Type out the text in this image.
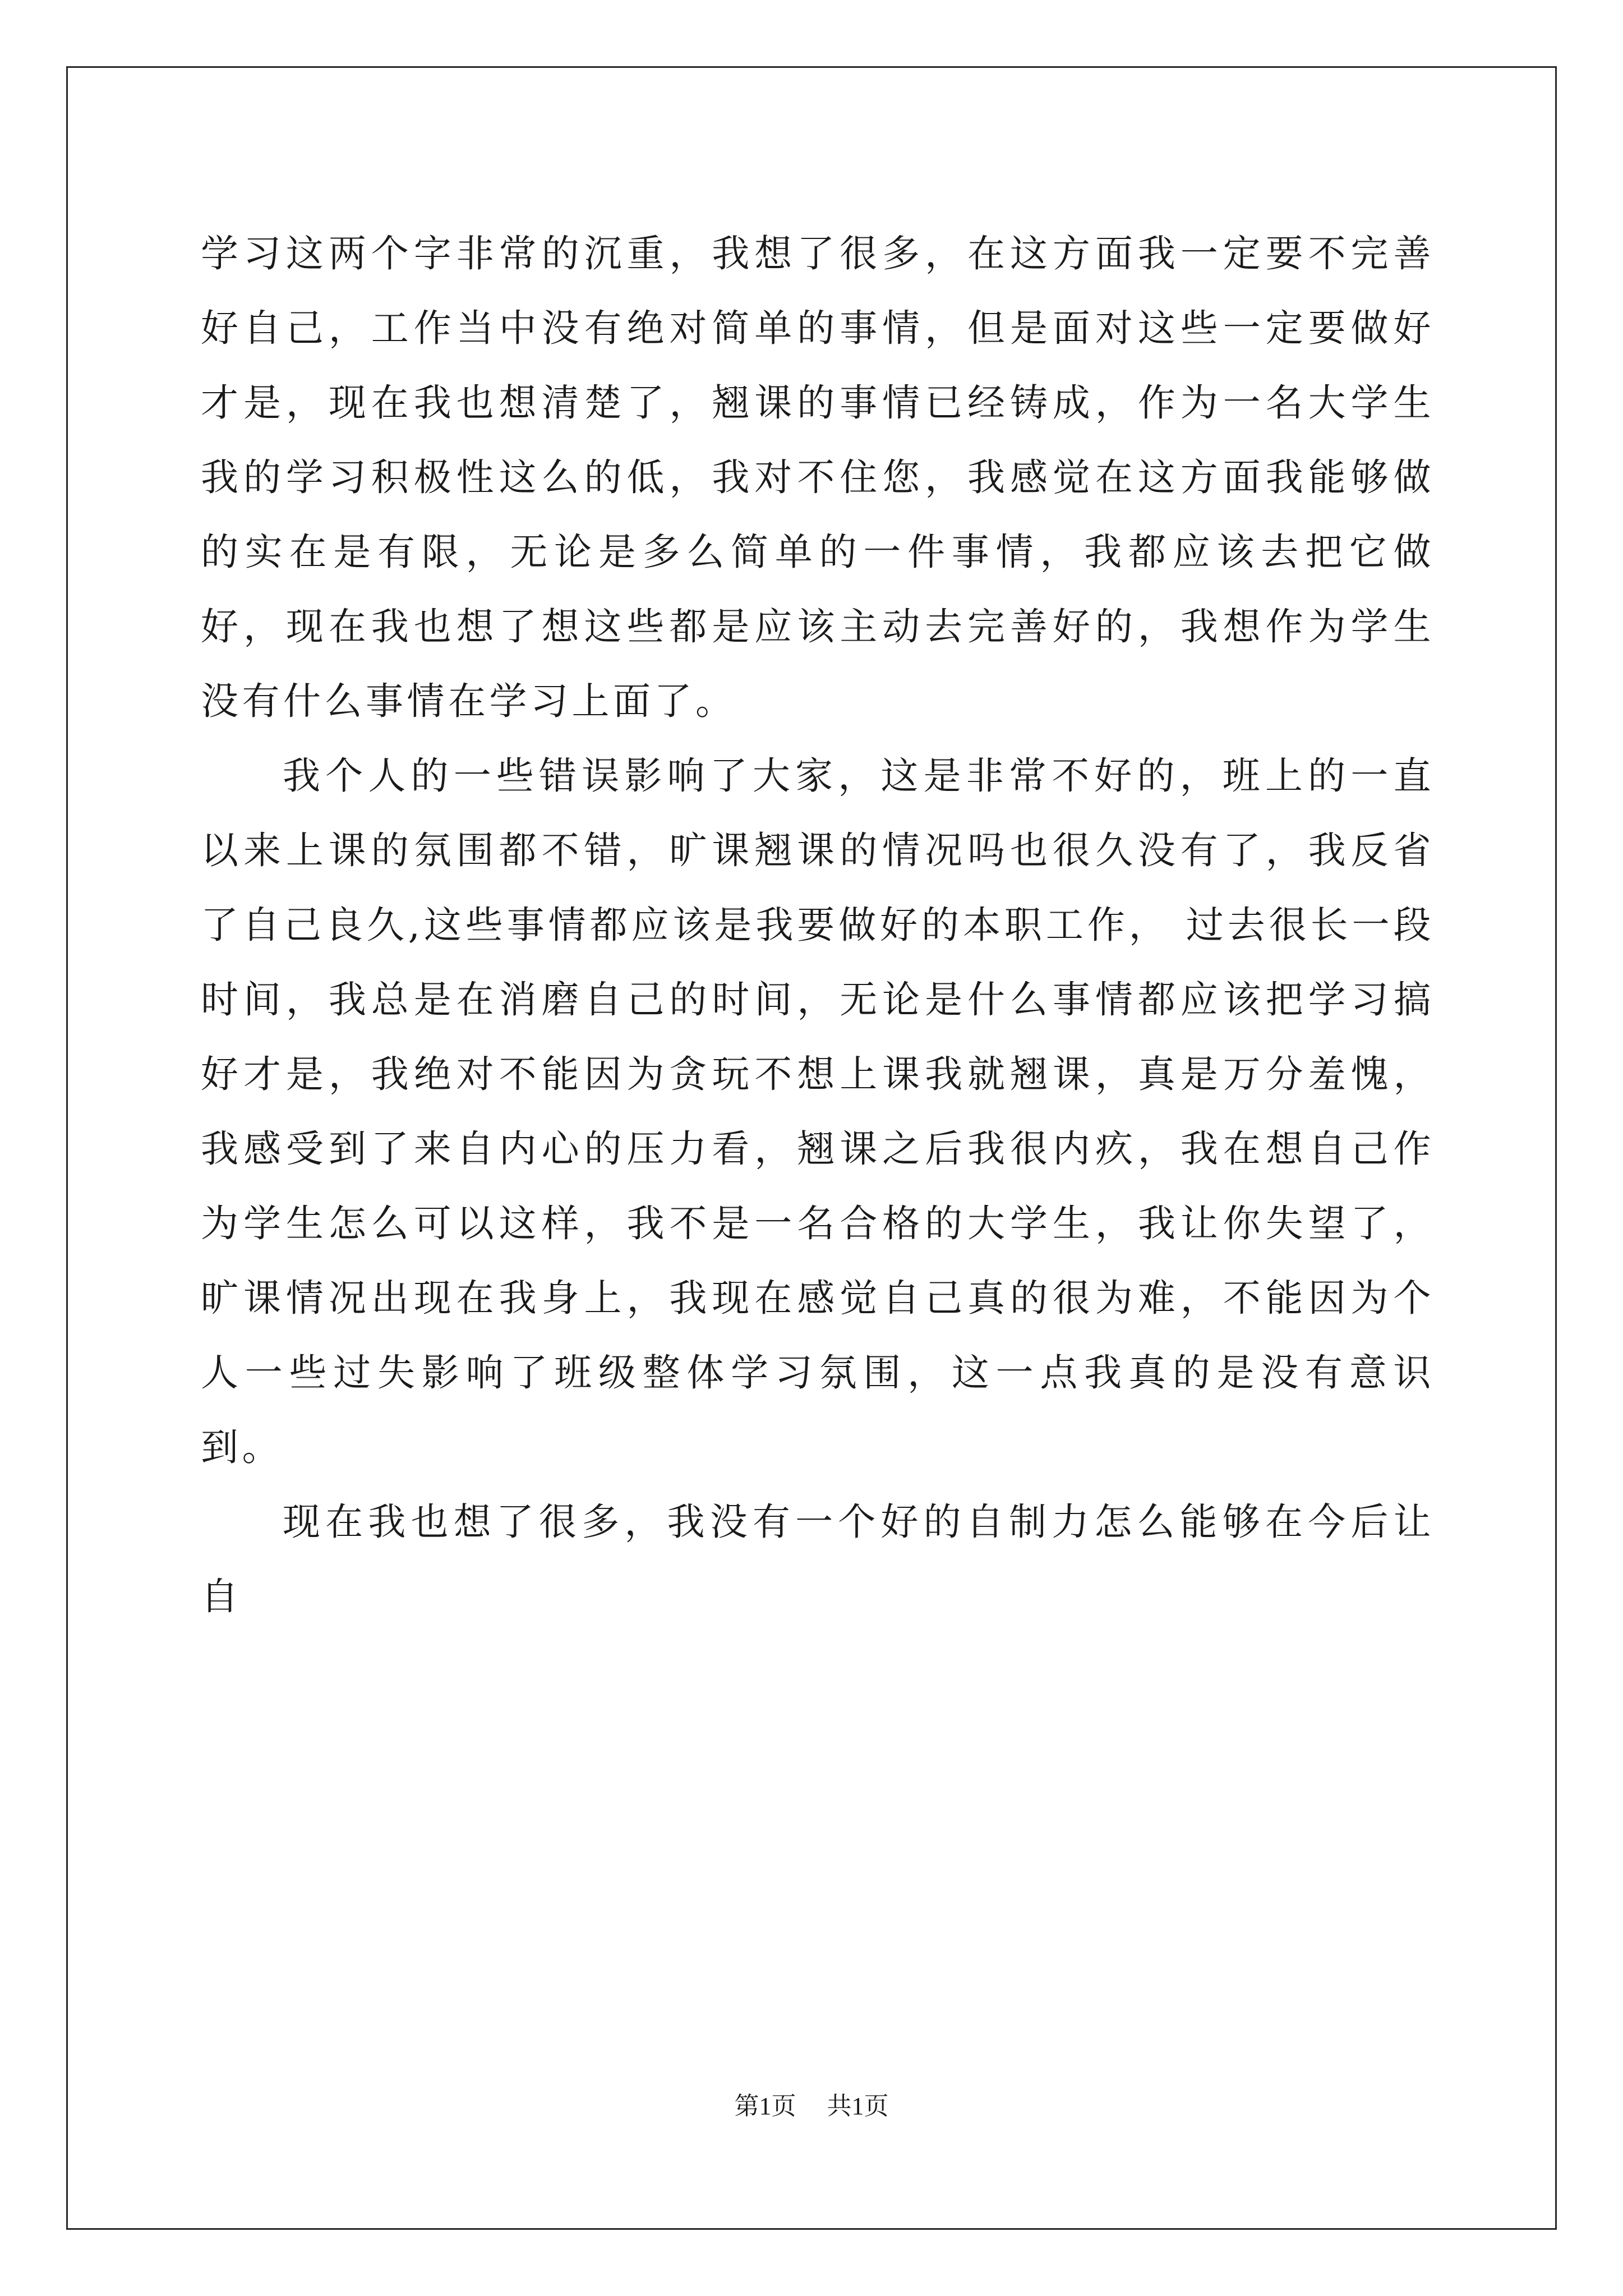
学习这两个字非常的沉重，我想了很多，在这方面我一定要不完善好自己，工作当中没有绝对简单的事情，但是面对这些一定要做好才是，现在我也想清楚了，翘课的事情已经铸成，作为一名大学生我的学习积极性这么的低，我对不住您，我感觉在这方面我能够做的实在是有限，无论是多么简单的一件事情，我都应该去把它做好，现在我也想了想这些都是应该主动去完善好的，我想作为学生没有什么事情在学习上面了。

我个人的一些错误影响了大家，这是非常不好的，班上的一直以来上课的氛围都不错，旷课翘课的情况吗也很久没有了，我反省了自己良久,这些事情都应该是我要做好的本职工作， 过去很长一段时间，我总是在消磨自己的时间，无论是什么事情都应该把学习搞好才是，我绝对不能因为贪玩不想上课我就翘课，真是万分羞愧，我感受到了来自内心的压力看，翘课之后我很内疚，我在想自己作为学生怎么可以这样，我不是一名合格的大学生，我让你失望了，旷课情况出现在我身上，我现在感觉自己真的很为难，不能因为个人一些过失影响了班级整体学习氛围，这一点我真的是没有意识到。

现在我也想了很多，我没有一个好的自制力怎么能够在今后让自

第1页 共1页
